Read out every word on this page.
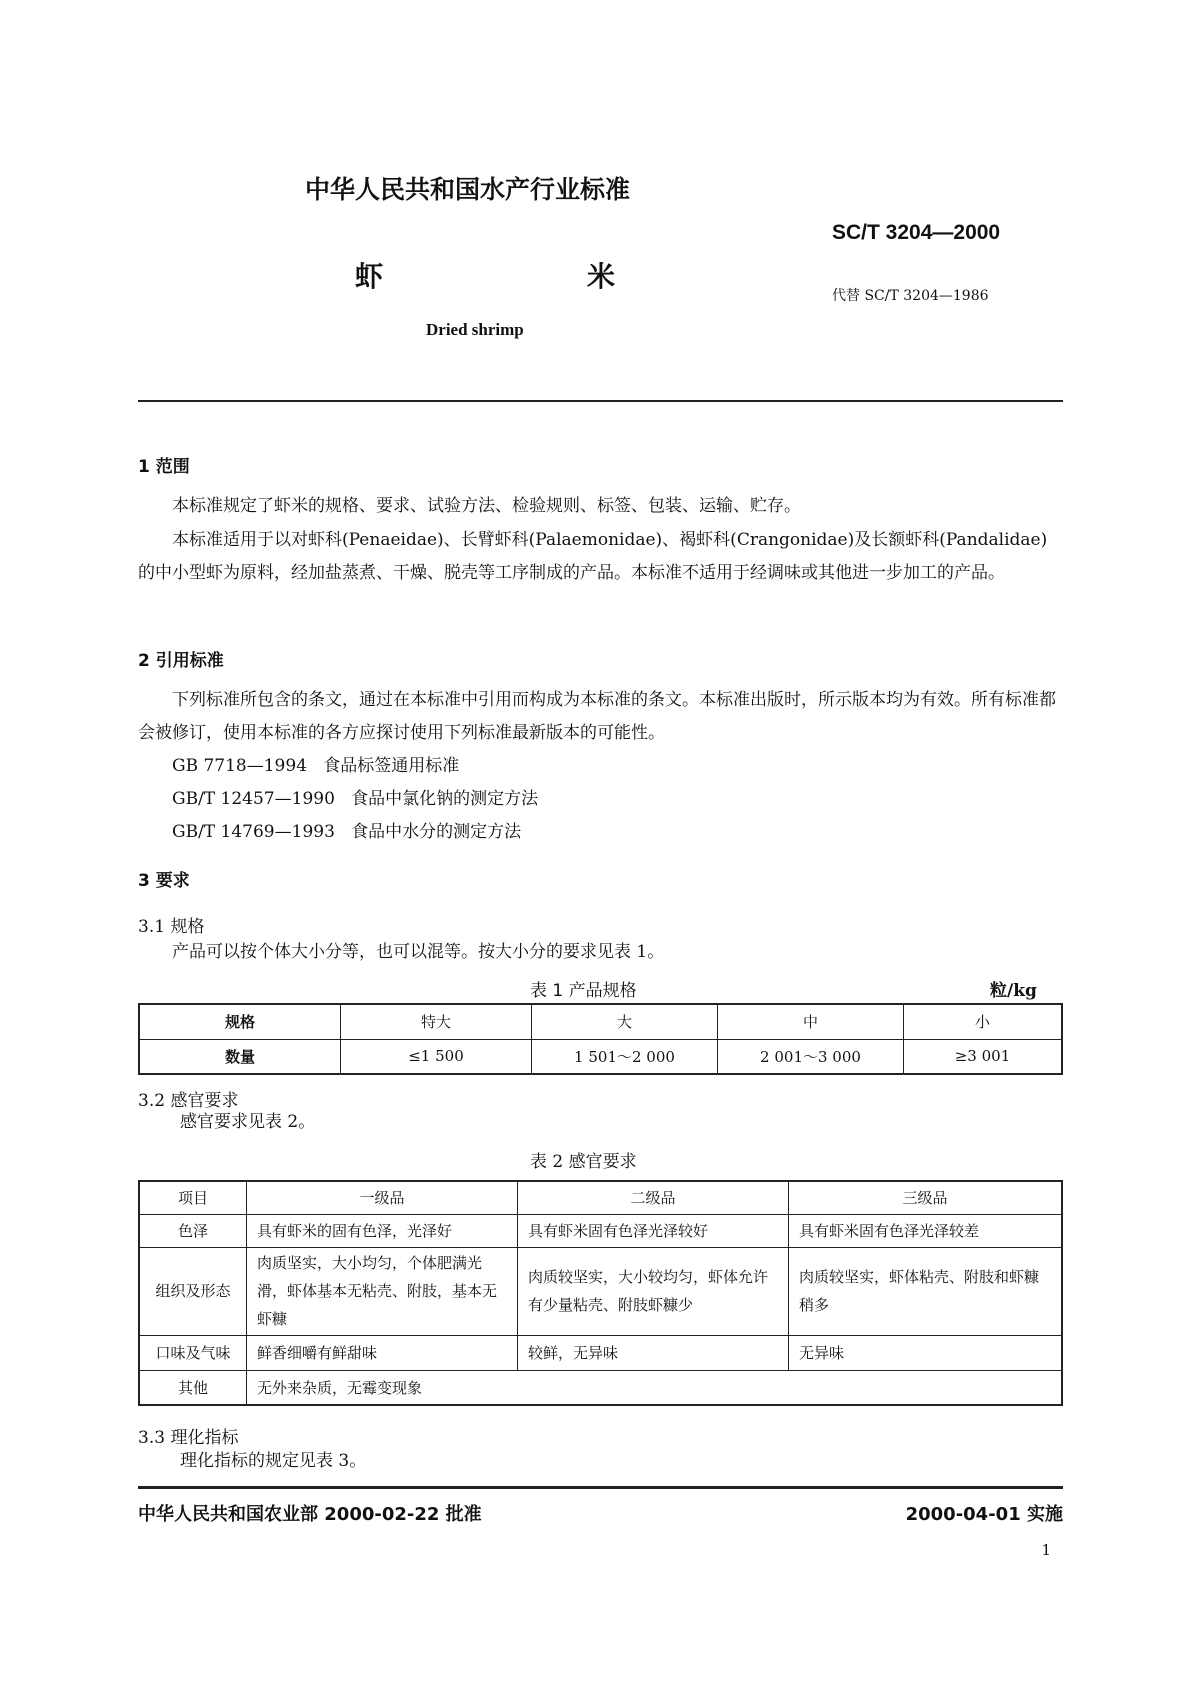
中华人民共和国水产行业标准
SC/T 3204—2000
虾	米
代替 SC/T 3204—1986
Dried shrimp
1 范围
本标准规定了虾米的规格、要求、试验方法、检验规则、标签、包装、运输、贮存。
本标准适用于以对虾科(Penaeidae)、长臂虾科(Palaemonidae)、褐虾科(Crangonidae)及长额虾科(Pandalidae)的中小型虾为原料，经加盐蒸煮、干燥、脱壳等工序制成的产品。本标准不适用于经调味或其他进一步加工的产品。
2 引用标准
下列标准所包含的条文，通过在本标准中引用而构成为本标准的条文。本标准出版时，所示版本均为有效。所有标准都会被修订，使用本标准的各方应探讨使用下列标准最新版本的可能性。
GB 7718—1994 食品标签通用标准
GB/T 12457—1990 食品中氯化钠的测定方法
GB/T 14769—1993 食品中水分的测定方法
3 要求
3.1 规格
产品可以按个体大小分等，也可以混等。按大小分的要求见表 1。
表 1 产品规格	粒/kg
规格	特大	大	中	小
数量	≤1 500	1 501～2 000	2 001～3 000	≥3 001
3.2 感官要求
感官要求见表 2。
表 2 感官要求
项目	一级品	二级品	三级品
色泽	具有虾米的固有色泽，光泽好	具有虾米固有色泽光泽较好	具有虾米固有色泽光泽较差
组织及形态	肉质坚实，大小均匀，个体肥满光滑，虾体基本无粘壳、附肢，基本无虾糠	肉质较坚实，大小较均匀，虾体允许有少量粘壳、附肢虾糠少	肉质较坚实，虾体粘壳、附肢和虾糠稍多
口味及气味	鲜香细嚼有鲜甜味	较鲜，无异味	无异味
其他	无外来杂质，无霉变现象		
3.3 理化指标
理化指标的规定见表 3。
中华人民共和国农业部 2000-02-22 批准	2000-04-01 实施
1
